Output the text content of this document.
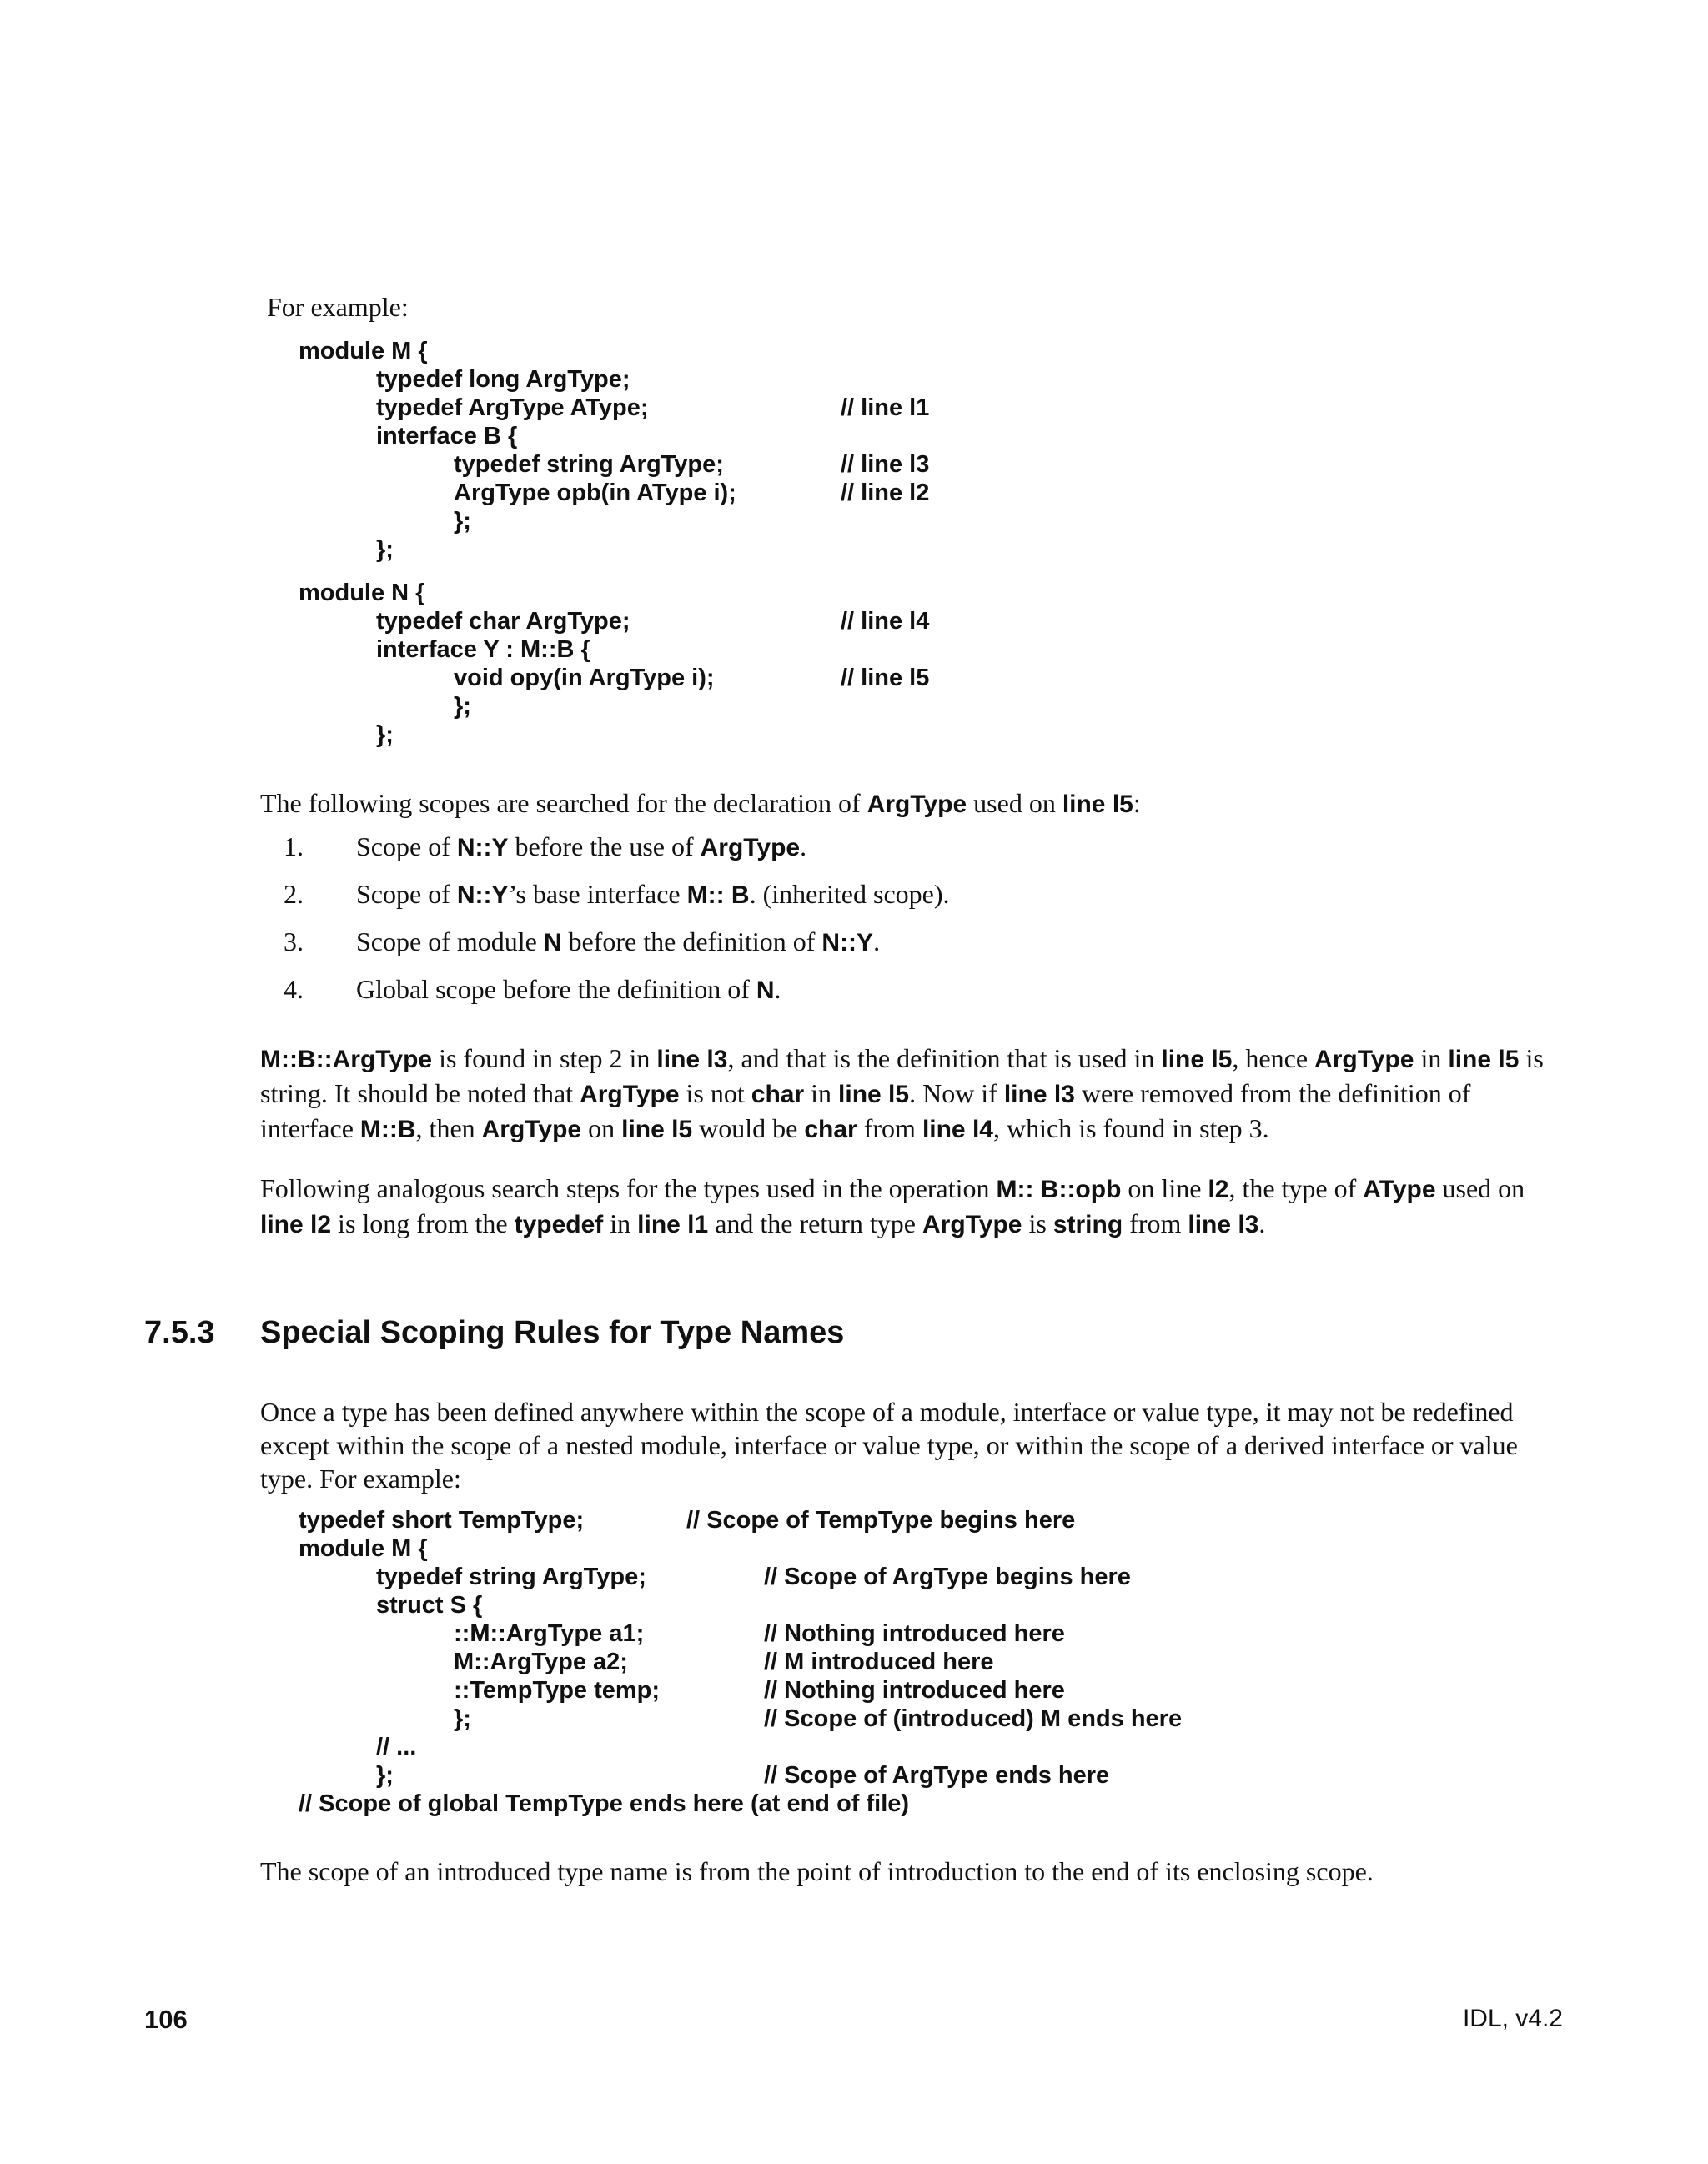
For example:
module M {
typedef long ArgType;
typedef ArgType AType;	// line l1
interface B {
typedef string ArgType;	// line l3
ArgType opb(in AType i);	// line l2
};
};
module N {
typedef char ArgType;	// line l4
interface Y : M::B {
void opy(in ArgType i);	// line l5
};
};
The following scopes are searched for the declaration of ArgType used on line l5:
1. Scope of N::Y before the use of ArgType.
2. Scope of N::Y’s base interface M:: B. (inherited scope).
3. Scope of module N before the definition of N::Y.
4. Global scope before the definition of N.
M::B::ArgType is found in step 2 in line l3, and that is the definition that is used in line l5, hence ArgType in line l5 is string. It should be noted that ArgType is not char in line l5. Now if line l3 were removed from the definition of interface M::B, then ArgType on line l5 would be char from line l4, which is found in step 3.
Following analogous search steps for the types used in the operation M:: B::opb on line l2, the type of AType used on line l2 is long from the typedef in line l1 and the return type ArgType is string from line l3.
7.5.3 Special Scoping Rules for Type Names
Once a type has been defined anywhere within the scope of a module, interface or value type, it may not be redefined except within the scope of a nested module, interface or value type, or within the scope of a derived interface or value type. For example:
typedef short TempType;	// Scope of TempType begins here
module M {
typedef string ArgType;	// Scope of ArgType begins here
struct S {
::M::ArgType a1;	// Nothing introduced here
M::ArgType a2;	// M introduced here
::TempType temp;	// Nothing introduced here
};	// Scope of (introduced) M ends here
// ...
};	// Scope of ArgType ends here
// Scope of global TempType ends here (at end of file)
The scope of an introduced type name is from the point of introduction to the end of its enclosing scope.
106	IDL, v4.2
